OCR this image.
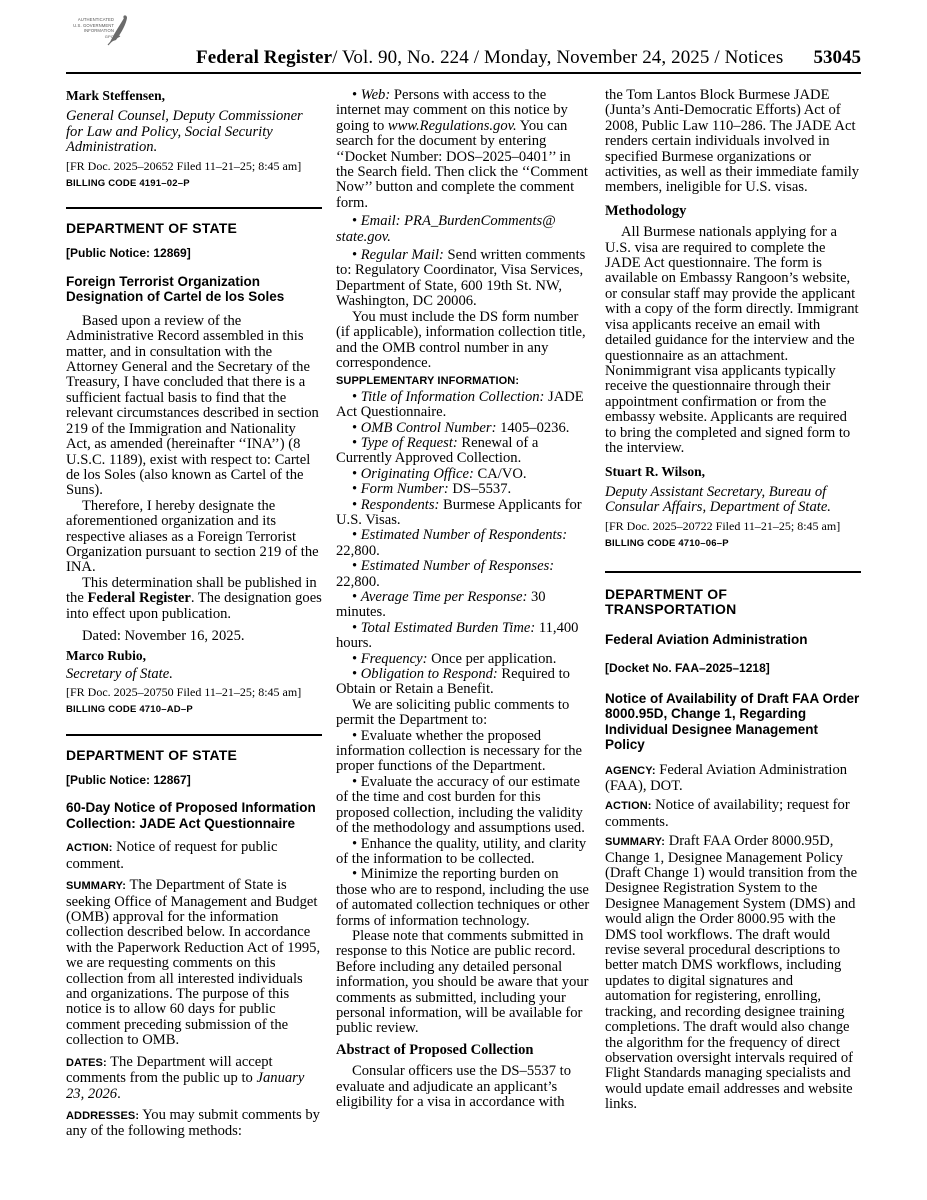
AUTHENTICATED
U.S. GOVERNMENT
INFORMATION
GPO
Federal Register/ Vol. 90, No. 224 / Monday, November 24, 2025 / Notices 53045

Mark Steffensen,

General Counsel, Deputy Commissioner for Law and Policy, Social Security Administration.

[FR Doc. 2025–20652 Filed 11–21–25; 8:45 am]

BILLING CODE 4191–02–P

DEPARTMENT OF STATE

[Public Notice: 12869]

Foreign Terrorist Organization Designation of Cartel de los Soles

Based upon a review of the Administrative Record assembled in this matter, and in consultation with the Attorney General and the Secretary of the Treasury, I have concluded that there is a sufficient factual basis to find that the relevant circumstances described in section 219 of the Immigration and Nationality Act, as amended (hereinafter ‘‘INA’’) (8 U.S.C. 1189), exist with respect to: Cartel de los Soles (also known as Cartel of the Suns).

Therefore, I hereby designate the aforementioned organization and its respective aliases as a Foreign Terrorist Organization pursuant to section 219 of the INA.

This determination shall be published in the Federal Register. The designation goes into effect upon publication.

Dated: November 16, 2025.

Marco Rubio,

Secretary of State.

[FR Doc. 2025–20750 Filed 11–21–25; 8:45 am]

BILLING CODE 4710–AD–P

DEPARTMENT OF STATE

[Public Notice: 12867]

60-Day Notice of Proposed Information Collection: JADE Act Questionnaire

ACTION: Notice of request for public comment.

SUMMARY: The Department of State is seeking Office of Management and Budget (OMB) approval for the information collection described below. In accordance with the Paperwork Reduction Act of 1995, we are requesting comments on this collection from all interested individuals and organizations. The purpose of this notice is to allow 60 days for public comment preceding submission of the collection to OMB.

DATES: The Department will accept comments from the public up to January 23, 2026.

ADDRESSES: You may submit comments by any of the following methods:

• Web: Persons with access to the internet may comment on this notice by going to www.Regulations.gov. You can search for the document by entering ‘‘Docket Number: DOS–2025–0401’’ in the Search field. Then click the ‘‘Comment Now’’ button and complete the comment form.

• Email: PRA_BurdenComments@ state.gov.

• Regular Mail: Send written comments to: Regulatory Coordinator, Visa Services, Department of State, 600 19th St. NW, Washington, DC 20006.

You must include the DS form number (if applicable), information collection title, and the OMB control number in any correspondence.

SUPPLEMENTARY INFORMATION:

• Title of Information Collection: JADE Act Questionnaire.

• OMB Control Number: 1405–0236.

• Type of Request: Renewal of a Currently Approved Collection.

• Originating Office: CA/VO.

• Form Number: DS–5537.

• Respondents: Burmese Applicants for U.S. Visas.

• Estimated Number of Respondents: 22,800.

• Estimated Number of Responses: 22,800.

• Average Time per Response: 30 minutes.

• Total Estimated Burden Time: 11,400 hours.

• Frequency: Once per application.

• Obligation to Respond: Required to Obtain or Retain a Benefit.

We are soliciting public comments to permit the Department to:

• Evaluate whether the proposed information collection is necessary for the proper functions of the Department.

• Evaluate the accuracy of our estimate of the time and cost burden for this proposed collection, including the validity of the methodology and assumptions used.

• Enhance the quality, utility, and clarity of the information to be collected.

• Minimize the reporting burden on those who are to respond, including the use of automated collection techniques or other forms of information technology.

Please note that comments submitted in response to this Notice are public record. Before including any detailed personal information, you should be aware that your comments as submitted, including your personal information, will be available for public review.

Abstract of Proposed Collection

Consular officers use the DS–5537 to evaluate and adjudicate an applicant’s eligibility for a visa in accordance with

the Tom Lantos Block Burmese JADE (Junta’s Anti-Democratic Efforts) Act of 2008, Public Law 110–286. The JADE Act renders certain individuals involved in specified Burmese organizations or activities, as well as their immediate family members, ineligible for U.S. visas.

Methodology

All Burmese nationals applying for a U.S. visa are required to complete the JADE Act questionnaire. The form is available on Embassy Rangoon’s website, or consular staff may provide the applicant with a copy of the form directly. Immigrant visa applicants receive an email with detailed guidance for the interview and the questionnaire as an attachment. Nonimmigrant visa applicants typically receive the questionnaire through their appointment confirmation or from the embassy website. Applicants are required to bring the completed and signed form to the interview.

Stuart R. Wilson,

Deputy Assistant Secretary, Bureau of Consular Affairs, Department of State.

[FR Doc. 2025–20722 Filed 11–21–25; 8:45 am]

BILLING CODE 4710–06–P

DEPARTMENT OF TRANSPORTATION

Federal Aviation Administration

[Docket No. FAA–2025–1218]

Notice of Availability of Draft FAA Order 8000.95D, Change 1, Regarding Individual Designee Management Policy

AGENCY: Federal Aviation Administration (FAA), DOT.

ACTION: Notice of availability; request for comments.

SUMMARY: Draft FAA Order 8000.95D, Change 1, Designee Management Policy (Draft Change 1) would transition from the Designee Registration System to the Designee Management System (DMS) and would align the Order 8000.95 with the DMS tool workflows. The draft would revise several procedural descriptions to better match DMS workflows, including updates to digital signatures and automation for registering, enrolling, tracking, and recording designee training completions. The draft would also change the algorithm for the frequency of direct observation oversight intervals required of Flight Standards managing specialists and would update email addresses and website links.
